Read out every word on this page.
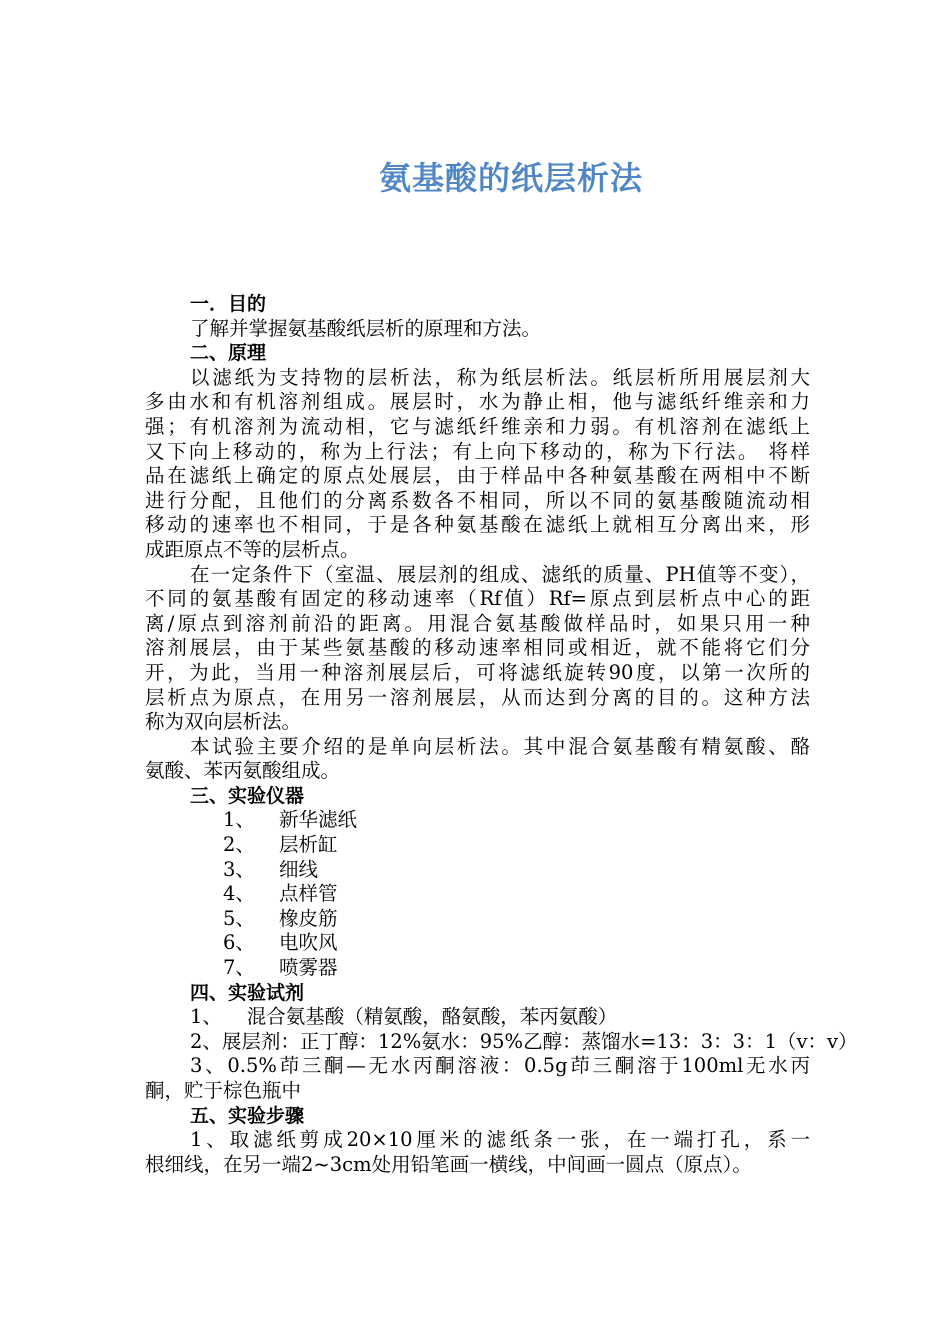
氨基酸的纸层析法

一．目的

了解并掌握氨基酸纸层析的原理和方法。

二、原理

以滤纸为支持物的层析法，称为纸层析法。纸层析所用展层剂大

多由水和有机溶剂组成。展层时，水为静止相，他与滤纸纤维亲和力

强；有机溶剂为流动相，它与滤纸纤维亲和力弱。有机溶剂在滤纸上

又下向上移动的，称为上行法；有上向下移动的，称为下行法。 将样

品在滤纸上确定的原点处展层，由于样品中各种氨基酸在两相中不断

进行分配，且他们的分离系数各不相同，所以不同的氨基酸随流动相

移动的速率也不相同，于是各种氨基酸在滤纸上就相互分离出来，形

成距原点不等的层析点。

在一定条件下（室温、展层剂的组成、滤纸的质量、PH值等不变），

不同的氨基酸有固定的移动速率（Rf值）Rf=原点到层析点中心的距

离/原点到溶剂前沿的距离。用混合氨基酸做样品时，如果只用一种

溶剂展层，由于某些氨基酸的移动速率相同或相近，就不能将它们分

开，为此，当用一种溶剂展层后，可将滤纸旋转90度，以第一次所的

层析点为原点，在用另一溶剂展层，从而达到分离的目的。这种方法

称为双向层析法。

本试验主要介绍的是单向层析法。其中混合氨基酸有精氨酸、酪

氨酸、苯丙氨酸组成。

三、实验仪器

1、 新华滤纸

2、 层析缸

3、 细线

4、 点样管

5、 橡皮筋

6、 电吹风

7、 喷雾器

四、实验试剂

1、    混合氨基酸（精氨酸，酪氨酸，苯丙氨酸）

2、展层剂：正丁醇：12%氨水：95%乙醇：蒸馏水=13：3：3：1（v：v）

3、0.5%茚三酮—无水丙酮溶液：0.5g茚三酮溶于100ml无水丙

酮，贮于棕色瓶中

五、实验步骤

1、取滤纸剪成20×10厘米的滤纸条一张，在一端打孔，系一

根细线，在另一端2~3cm处用铅笔画一横线，中间画一圆点（原点）。
